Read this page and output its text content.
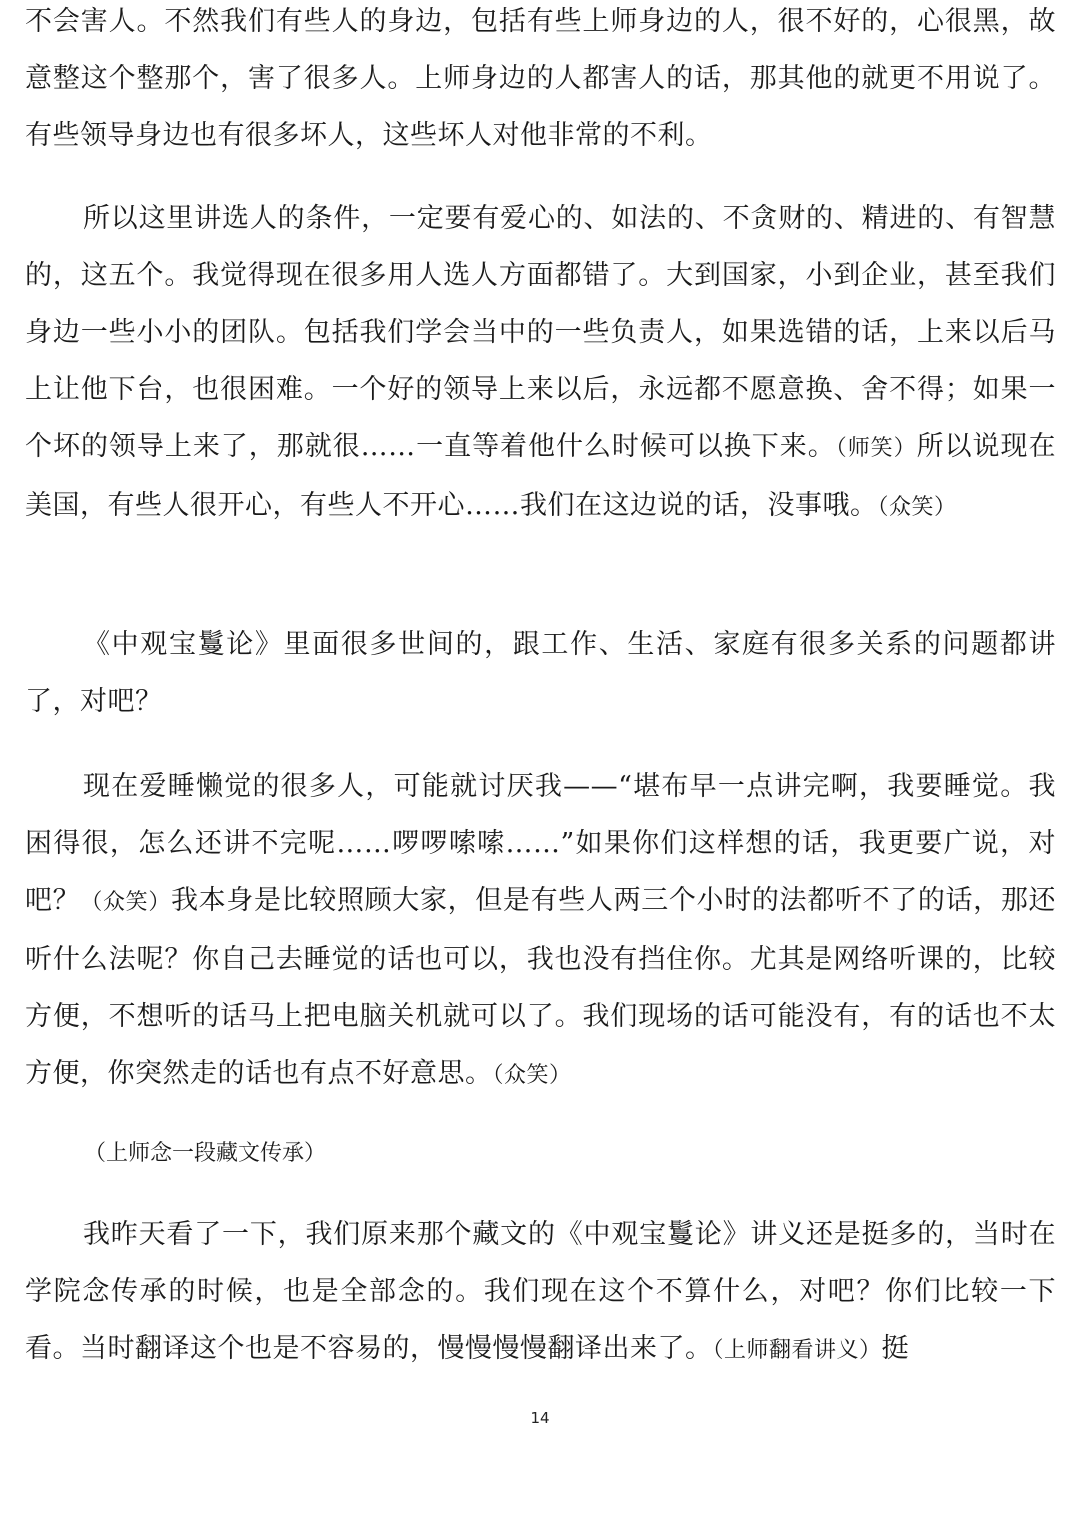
不会害人。不然我们有些人的身边，包括有些上师身边的人，很不好的，心很黑，故意整这个整那个，害了很多人。上师身边的人都害人的话，那其他的就更不用说了。有些领导身边也有很多坏人，这些坏人对他非常的不利。

所以这里讲选人的条件，一定要有爱心的、如法的、不贪财的、精进的、有智慧的，这五个。我觉得现在很多用人选人方面都错了。大到国家，小到企业，甚至我们身边一些小小的团队。包括我们学会当中的一些负责人，如果选错的话，上来以后马上让他下台，也很困难。一个好的领导上来以后，永远都不愿意换、舍不得；如果一个坏的领导上来了，那就很……一直等着他什么时候可以换下来。（师笑）所以说现在美国，有些人很开心，有些人不开心……我们在这边说的话，没事哦。（众笑）

《中观宝鬘论》里面很多世间的，跟工作、生活、家庭有很多关系的问题都讲了，对吧？

现在爱睡懒觉的很多人，可能就讨厌我——“堪布早一点讲完啊，我要睡觉。我困得很，怎么还讲不完呢……啰啰嗦嗦……”如果你们这样想的话，我更要广说，对吧？（众笑）我本身是比较照顾大家，但是有些人两三个小时的法都听不了的话，那还听什么法呢？你自己去睡觉的话也可以，我也没有挡住你。尤其是网络听课的，比较方便，不想听的话马上把电脑关机就可以了。我们现场的话可能没有，有的话也不太方便，你突然走的话也有点不好意思。（众笑）

（上师念一段藏文传承）

我昨天看了一下，我们原来那个藏文的《中观宝鬘论》讲义还是挺多的，当时在学院念传承的时候，也是全部念的。我们现在这个不算什么，对吧？你们比较一下看。当时翻译这个也是不容易的，慢慢慢慢翻译出来了。（上师翻看讲义）挺

14
